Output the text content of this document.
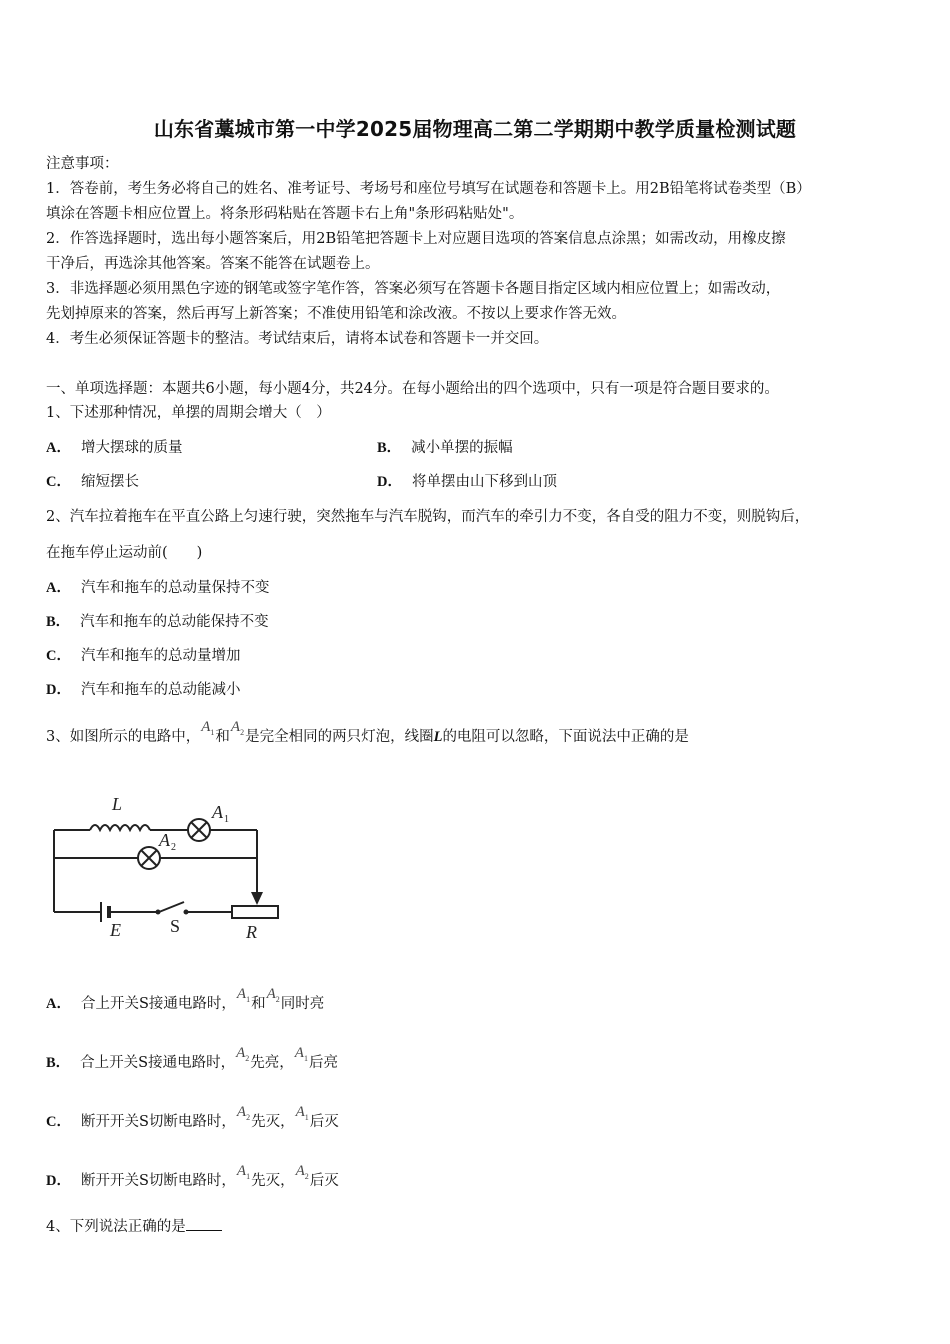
山东省藁城市第一中学2025届物理高二第二学期期中教学质量检测试题
注意事项：
1．答卷前，考生务必将自己的姓名、准考证号、考场号和座位号填写在试题卷和答题卡上。用2B铅笔将试卷类型（B）
填涂在答题卡相应位置上。将条形码粘贴在答题卡右上角"条形码粘贴处"。
2．作答选择题时，选出每小题答案后，用2B铅笔把答题卡上对应题目选项的答案信息点涂黑；如需改动，用橡皮擦
干净后，再选涂其他答案。答案不能答在试题卷上。
3．非选择题必须用黑色字迹的钢笔或签字笔作答，答案必须写在答题卡各题目指定区域内相应位置上；如需改动，
先划掉原来的答案，然后再写上新答案；不准使用铅笔和涂改液。不按以上要求作答无效。
4．考生必须保证答题卡的整洁。考试结束后，请将本试卷和答题卡一并交回。
一、单项选择题：本题共6小题，每小题4分，共24分。在每小题给出的四个选项中，只有一项是符合题目要求的。
1、下述那种情况，单摆的周期会增大（　）
A． 增大摆球的质量	B． 减小单摆的振幅
C． 缩短摆长	D． 将单摆由山下移到山顶
2、汽车拉着拖车在平直公路上匀速行驶，突然拖车与汽车脱钩，而汽车的牵引力不变，各自受的阻力不变，则脱钩后，
在拖车停止运动前(　　)
A． 汽车和拖车的总动量保持不变
B． 汽车和拖车的总动能保持不变
C． 汽车和拖车的总动量增加
D． 汽车和拖车的总动能减小
3、如图所示的电路中，$A_1$和$A_2$是完全相同的两只灯泡，线圈L的电阻可以忽略，下面说法中正确的是
L	A 1
A 2
E	S	R
A． 合上开关S接通电路时，$A_1$和$A_2$同时亮
B． 合上开关S接通电路时，$A_2$先亮，$A_1$后亮
C． 断开开关S切断电路时，$A_2$先灭，$A_1$后灭
D． 断开开关S切断电路时，$A_1$先灭，$A_2$后灭
4、下列说法正确的是
